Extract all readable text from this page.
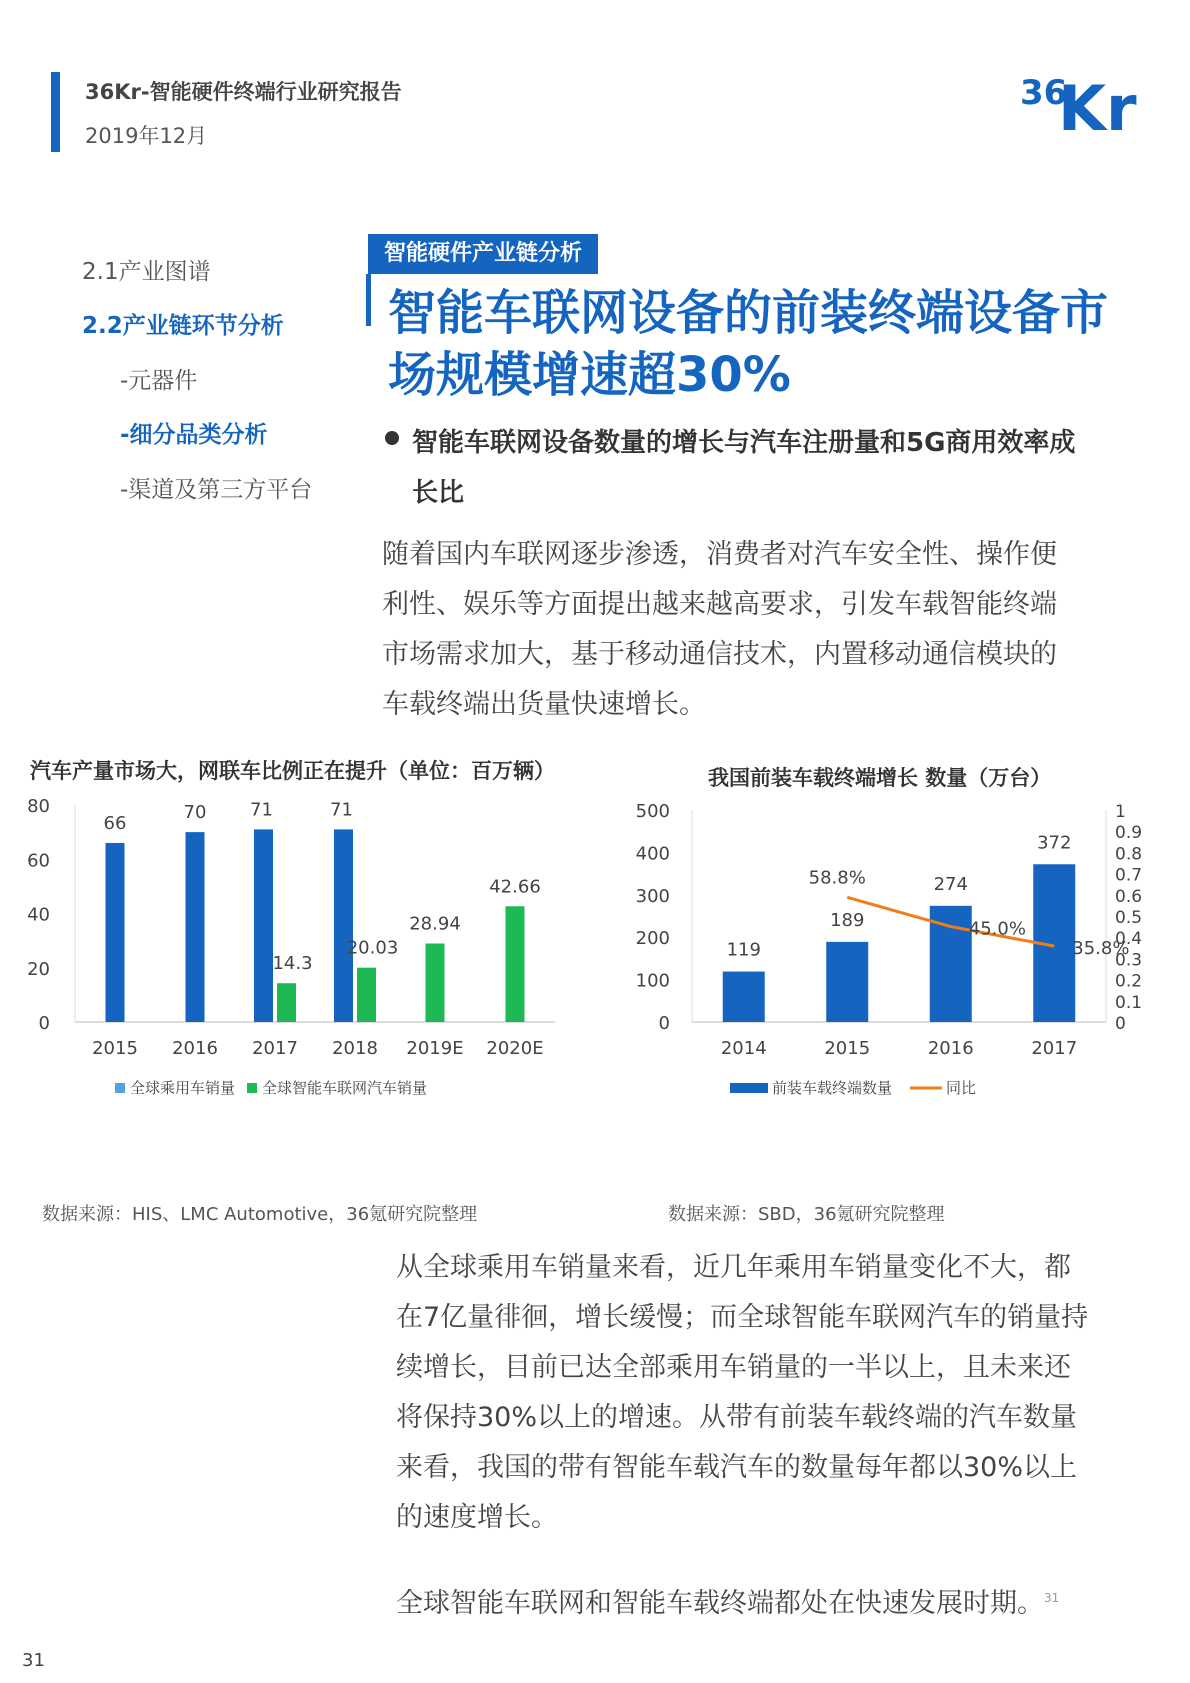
36Kr-智能硬件终端行业研究报告
2019年12月
36
Kr
2.1产业图谱
2.2产业链环节分析
-元器件
-细分品类分析
-渠道及第三方平台
智能硬件产业链分析
智能车联网设备的前装终端设备市场规模增速超30%
智能车联网设备数量的增长与汽车注册量和5G商用效率成长比
随着国内车联网逐步渗透，消费者对汽车安全性、操作便利性、娱乐等方面提出越来越高要求，引发车载智能终端市场需求加大，基于移动通信技术，内置移动通信模块的车载终端出货量快速增长。
汽车产量市场大，网联车比例正在提升（单位：百万辆）	我国前装车载终端增长 数量（万台）
0
20
40
60
80
2015
66
2016
70
2017
71
14.3
2018
71
20.03
2019E
28.94
2020E
42.66
全球乘用车销量 全球智能车联网汽车销量
0
100
200
300
400
500
0
0.1
0.2
0.3
0.4
0.5
0.6
0.7
0.8
0.9
1
2014
119
2015
189
2016
274
2017
372
58.8%
45.0%
35.8%
前装车载终端数量	同比
数据来源：HIS、LMC Automotive，36氪研究院整理	数据来源：SBD，36氪研究院整理
从全球乘用车销量来看，近几年乘用车销量变化不大，都在7亿量徘徊，增长缓慢；而全球智能车联网汽车的销量持续增长，目前已达全部乘用车销量的一半以上，且未来还将保持30%以上的增速。从带有前装车载终端的汽车数量来看，我国的带有智能车载汽车的数量每年都以30%以上的速度增长。
全球智能车联网和智能车载终端都处在快速发展时期。$^{31}$
31
